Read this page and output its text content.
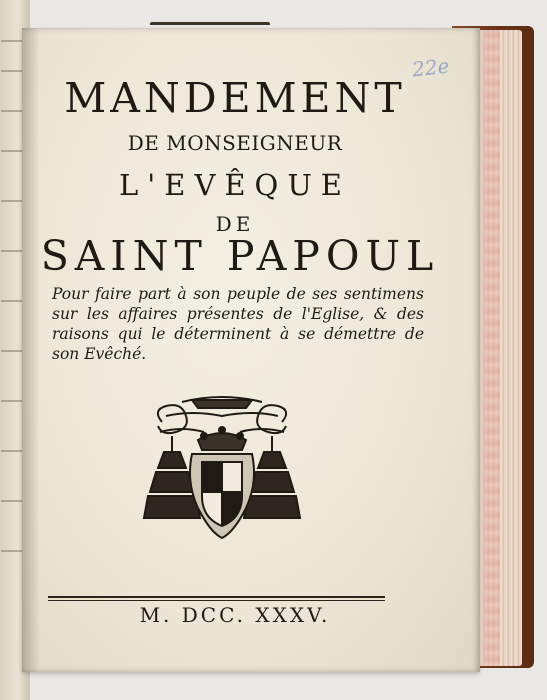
22e
MANDEMENT
DE MONSEIGNEUR
L'EVÊQUE
DE
SAINT PAPOUL
Pour faire part à son peuple de ses sentimens sur les affaires présentes de l'Eglise, & des raisons qui le déterminent à se démettre de son Evêché.
M. DCC. XXXV.
